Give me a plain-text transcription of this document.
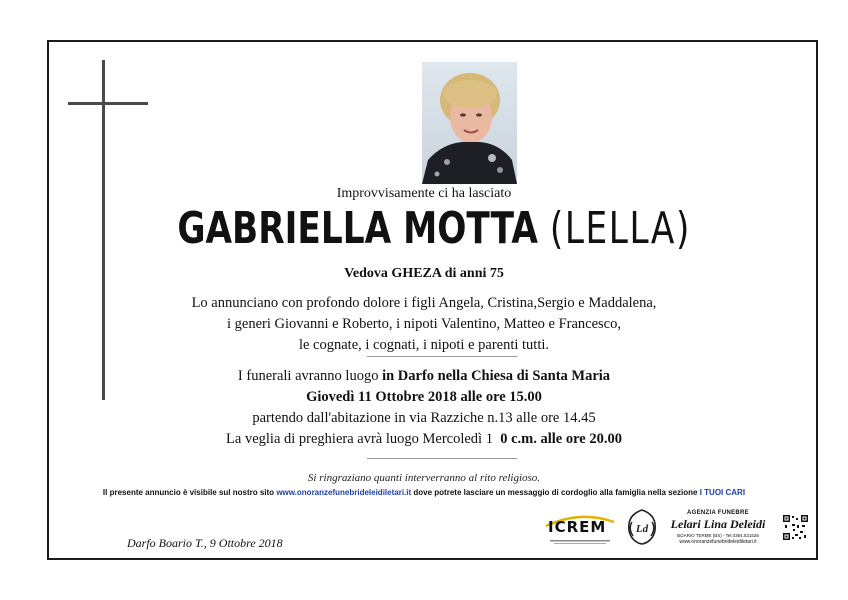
Improvvisamente ci ha lasciato
GABRIELLA MOTTA (LELLA)
Vedova GHEZA di anni 75
Lo annunciano con profondo dolore i figli Angela, Cristina,Sergio e Maddalena,
i generi Giovanni e Roberto, i nipoti Valentino, Matteo e Francesco,
le cognate, i cognati, i nipoti e parenti tutti.
I funerali avranno luogo in Darfo nella Chiesa di Santa Maria
Giovedì 11 Ottobre 2018 alle ore 15.00
partendo dall'abitazione in via Razziche n.13 alle ore 14.45
La veglia di preghiera avrà luogo Mercoledì 1 0 c.m. alle ore 20.00
Si ringraziano quanti interverranno al rito religioso.
Il presente annuncio è visibile sul nostro sito www.onoranzefunebrideleidiletari.it dove potrete lasciare un messaggio di cordoglio alla famiglia nella sezione I TUOI CARI
Darfo Boario T., 9 Ottobre 2018
ICREM	Ld
AGENZIA FUNEBRE
Lelari Lina Deleidi
BOARIO TERME (BS) - Tel.0364.531526
www.onoranzefunebrideleidiletari.it
